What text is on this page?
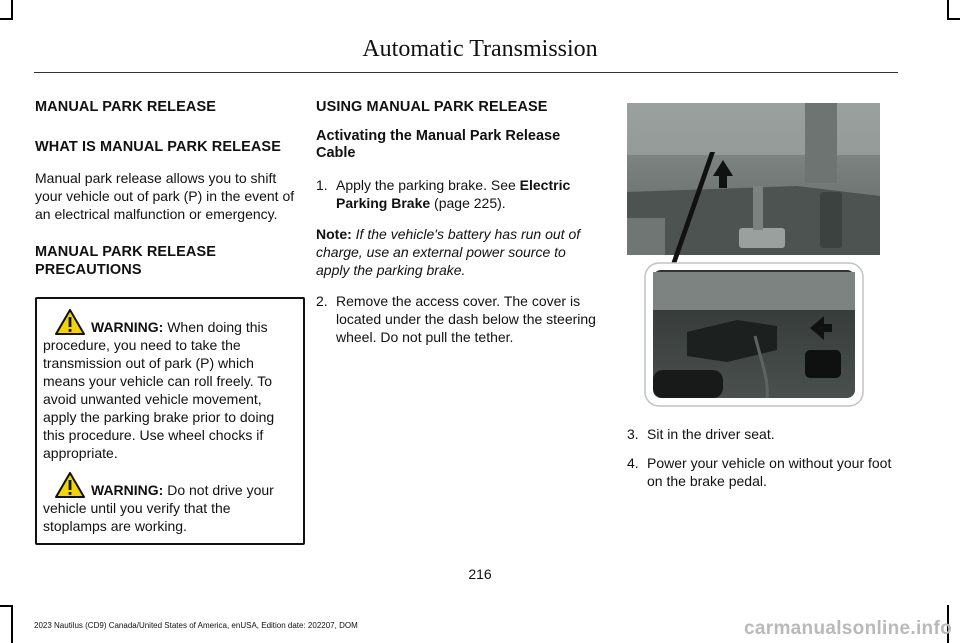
Automatic Transmission
MANUAL PARK RELEASE
WHAT IS MANUAL PARK RELEASE

Manual park release allows you to shift your vehicle out of park (P) in the event of an electrical malfunction or emergency.

MANUAL PARK RELEASE PRECAUTIONS

WARNING: When doing this procedure, you need to take the transmission out of park (P) which means your vehicle can roll freely. To avoid unwanted vehicle movement, apply the parking brake prior to doing this procedure. Use wheel chocks if appropriate.

WARNING: Do not drive your vehicle until you verify that the stoplamps are working.

USING MANUAL PARK RELEASE
Activating the Manual Park Release Cable
1. Apply the parking brake. See Electric Parking Brake (page 225).

Note: If the vehicle's battery has run out of charge, use an external power source to apply the parking brake.

2. Remove the access cover. The cover is located under the dash below the steering wheel. Do not pull the tether.
3. Sit in the driver seat.
4. Power your vehicle on without your foot on the brake pedal.
216
2023 Nautilus (CD9) Canada/United States of America, enUSA, Edition date: 202207, DOM	carmanualsonline.info
